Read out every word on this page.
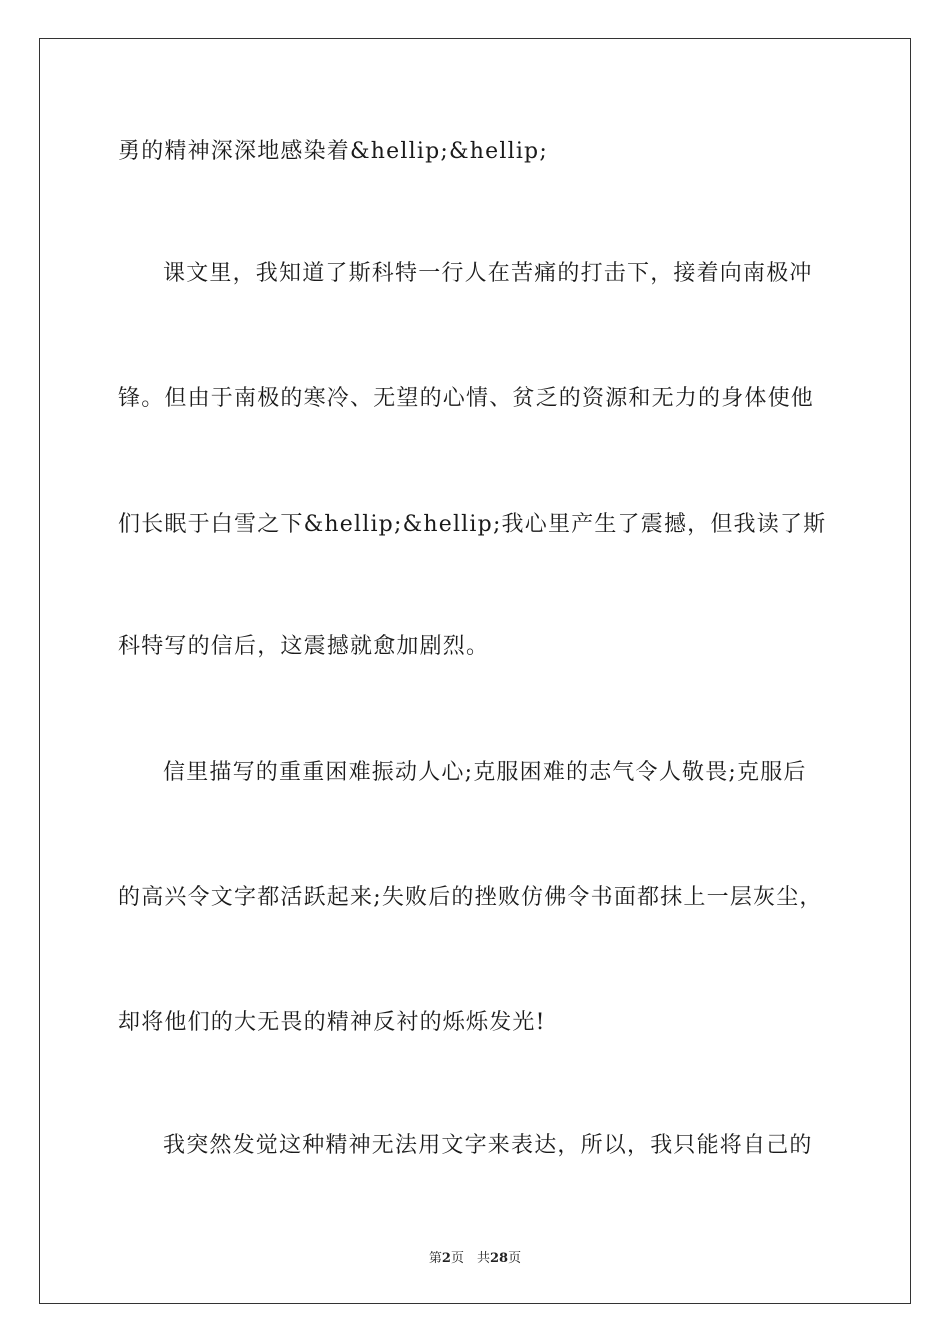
勇的精神深深地感染着&hellip;&hellip;
课文里，我知道了斯科特一行人在苦痛的打击下，接着向南极冲
锋。但由于南极的寒冷、无望的心情、贫乏的资源和无力的身体使他
们长眠于白雪之下&hellip;&hellip;我心里产生了震撼，但我读了斯
科特写的信后，这震撼就愈加剧烈。
信里描写的重重困难振动人心;克服困难的志气令人敬畏;克服后
的高兴令文字都活跃起来;失败后的挫败仿佛令书面都抹上一层灰尘，
却将他们的大无畏的精神反衬的烁烁发光!
我突然发觉这种精神无法用文字来表达，所以，我只能将自己的
第2页　共28页
